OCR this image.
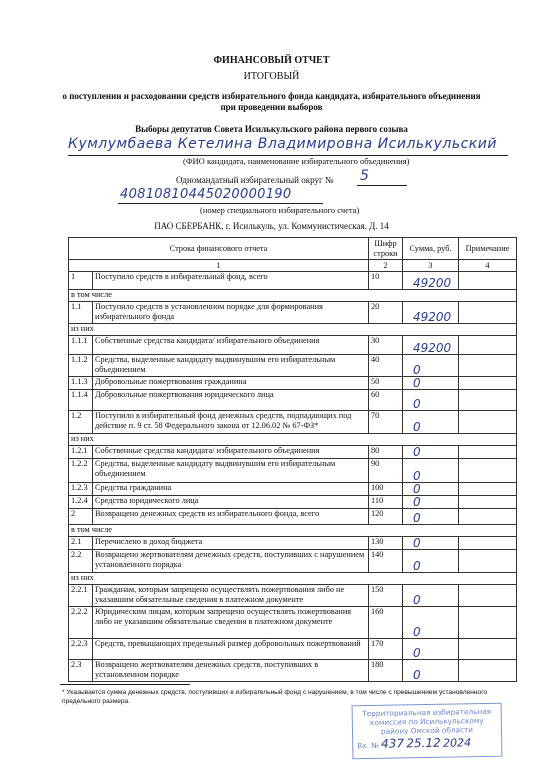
ФИНАНСОВЫЙ ОТЧЕТ
ИТОГОВЫЙ
о поступлении и расходовании средств избирательного фонда кандидата, избирательного объединения
при проведении выборов
Выборы депутатов Совета Исилькульского района первого созыва
Кумлумбаева Кетелина Владимировна Исилькульский
(ФИО кандидата, наименование избирательного объединения)
Одномандатный избирательный округ № 5
40810810445020000190
(номер специального избирательного счета)
ПАО СБЕРБАНК, г. Исилькуль, ул. Коммунистическая. Д. 14
Строка финансового отчета		Шифр строки	Сумма, руб.	Примечание
1		2	3	4
1	Поступило средств в избирательный фонд, всего	10	49200	
в том числе				
1.1	Поступило средств в установленном порядке для формирования избирательного фонда	20	49200	
из них				
1.1.1	Собственные средства кандидата/ избирательного объединения	30	49200	
1.1.2	Средства, выделенные кандидату выдвинувшим его избирательным объединением	40	0	
1.1.3	Добровольные пожертвования гражданина	50	0	
1.1.4	Добровольные пожертвования юридического лица	60	0	
1.2	Поступило в избирательный фонд денежных средств, подпадающих под действие п. 9 ст. 58 Федерального закона от 12.06.02 № 67-ФЗ*	70	0	
из них				
1.2.1	Собственные средства кандидата/ избирательного объединения	80	0	
1.2.2	Средства, выделенные кандидату выдвинувшим его избирательным объединением	90	0	
1.2.3	Средства гражданина	100	0	
1.2.4	Средства юридического лица	110	0	
2	Возвращено денежных средств из избирательного фонда, всего	120	0	
в том числе				
2.1	Перечислено в доход бюджета	130	0	
2.2	Возвращено жертвователям денежных средств, поступивших с нарушением установленного порядка	140	0	
из них				
2.2.1	Гражданам, которым запрещено осуществлять пожертвования либо не указавшим обязательные сведения в платежном документе	150	0	
2.2.2	Юридическим лицам, которым запрещено осуществлять пожертвования либо не указавшим обязательные сведения в платежном документе	160	0	
2.2.3	Средств, превышающих предельный размер добровольных пожертвований	170	0	
2.3	Возвращено жертвователям денежных средств, поступивших в установленном порядке	180	0	
* Указывается сумма денежных средств, поступивших в избирательный фонд с нарушением, в том числе с превышением установленного предельного размера.
Территориальная избирательная
комиссия по Исилькульскому
району Омской области
Вх. № 437 25.12 2024
